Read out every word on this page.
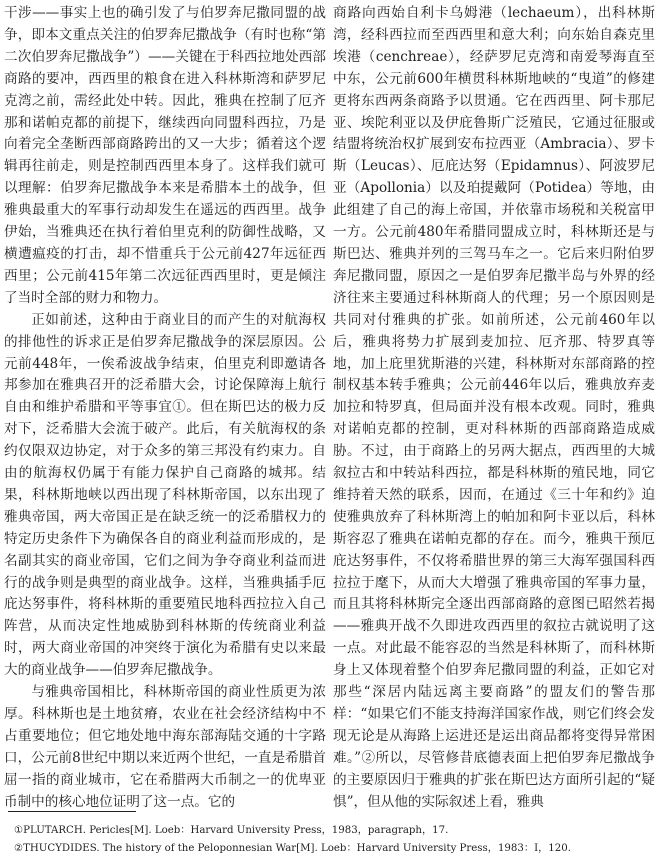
干涉——事实上也的确引发了与伯罗奔尼撒同盟的战争，即本文重点关注的伯罗奔尼撒战争（有时也称“第二次伯罗奔尼撒战争”）——关键在于科西拉地处西部商路的要冲，西西里的粮食在进入科林斯湾和萨罗尼克湾之前，需经此处中转。因此，雅典在控制了厄齐那和诺帕克都的前提下，继续西向同盟科西拉，乃是向着完全垄断西部商路跨出的又一大步；循着这个逻辑再往前走，则是控制西西里本身了。这样我们就可以理解：伯罗奔尼撒战争本来是希腊本土的战争，但雅典最重大的军事行动却发生在遥远的西西里。战争伊始，当雅典还在执行着伯里克利的防御性战略，又横遭瘟疫的打击，却不惜重兵于公元前427年远征西西里；公元前415年第二次远征西西里时，更是倾注了当时全部的财力和物力。

正如前述，这种由于商业目的而产生的对航海权的排他性的诉求正是伯罗奔尼撒战争的深层原因。公元前448年，一俟希波战争结束，伯里克利即邀请各邦参加在雅典召开的泛希腊大会，讨论保障海上航行自由和维护希腊和平等事宜①。但在斯巴达的极力反对下，泛希腊大会流于破产。此后，有关航海权的条约仅限双边协定，对于众多的第三邦没有约束力。自由的航海权仍属于有能力保护自己商路的城邦。结果，科林斯地峡以西出现了科林斯帝国，以东出现了雅典帝国，两大帝国正是在缺乏统一的泛希腊权力的特定历史条件下为确保各自的商业利益而形成的，是名副其实的商业帝国，它们之间为争夺商业利益而进行的战争则是典型的商业战争。这样，当雅典插手厄庇达努事件，将科林斯的重要殖民地科西拉拉入自己阵营，从而决定性地威胁到科林斯的传统商业利益时，两大商业帝国的冲突终于演化为希腊有史以来最大的商业战争——伯罗奔尼撒战争。

与雅典帝国相比，科林斯帝国的商业性质更为浓厚。科林斯也是土地贫瘠，农业在社会经济结构中不占重要地位；但它地处地中海东部海陆交通的十字路口，公元前8世纪中期以来近两个世纪，一直是希腊首屈一指的商业城市，它在希腊两大币制之一的优卑亚币制中的核心地位证明了这一点。它的

商路向西始自利卡乌姆港（lechaeum），出科林斯湾，经科西拉而至西西里和意大利；向东始自森克里埃港（cenchreae），经萨罗尼克湾和南爱琴海直至中东，公元前600年横贯科林斯地峡的“曳道”的修建更将东西两条商路予以贯通。它在西西里、阿卡那尼亚、埃陀利亚以及伊庇鲁斯广泛殖民，它通过征服或结盟将统治权扩展到安布拉西亚（Ambracia）、罗卡斯（Leucas）、厄庇达努（Epidamnus）、阿波罗尼亚（Apollonia）以及珀提戴阿（Potidea）等地，由此组建了自己的海上帝国，并依靠市场税和关税富甲一方。公元前480年希腊同盟成立时，科林斯还是与斯巴达、雅典并列的三驾马车之一。它后来归附伯罗奔尼撒同盟，原因之一是伯罗奔尼撒半岛与外界的经济往来主要通过科林斯商人的代理；另一个原因则是共同对付雅典的扩张。如前所述，公元前460年以后，雅典将势力扩展到麦加拉、厄齐那、特罗真等地，加上庇里犹斯港的兴建，科林斯对东部商路的控制权基本转手雅典；公元前446年以后，雅典放弃麦加拉和特罗真，但局面并没有根本改观。同时，雅典对诺帕克都的控制，更对科林斯的西部商路造成威胁。不过，由于商路上的另两大据点，西西里的大城叙拉古和中转站科西拉，都是科林斯的殖民地，同它维持着天然的联系，因而，在通过《三十年和约》迫使雅典放弃了科林斯湾上的帕加和阿卡亚以后，科林斯容忍了雅典在诺帕克都的存在。而今，雅典干预厄庇达努事件，不仅将希腊世界的第三大海军强国科西拉拉于麾下，从而大大增强了雅典帝国的军事力量，而且其将科林斯完全逐出西部商路的意图已昭然若揭——雅典开战不久即进攻西西里的叙拉古就说明了这一点。对此最不能容忍的当然是科林斯了，而科林斯身上又体现着整个伯罗奔尼撒同盟的利益，正如它对那些“深居内陆远离主要商路”的盟友们的警告那样：“如果它们不能支持海洋国家作战，则它们终会发现无论是从海路上运进还是运出商品都将变得异常困难。”②所以，尽管修昔底德表面上把伯罗奔尼撒战争的主要原因归于雅典的扩张在斯巴达方面所引起的“疑惧”，但从他的实际叙述上看，雅典

①PLUTARCH. Pericles[M]. Loeb：Harvard University Press，1983，paragraph，17.
②THUCYDIDES. The history of the Peloponnesian War[M]. Loeb：Harvard University Press，1983：I，120.
